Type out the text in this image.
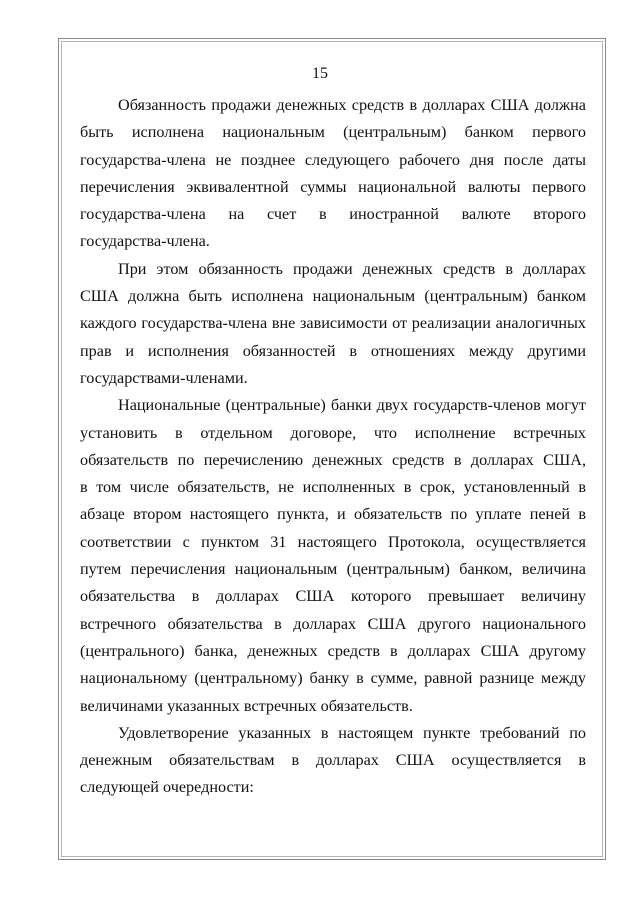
15
Обязанность продажи денежных средств в долларах США должна
быть исполнена национальным (центральным) банком первого
государства-члена не позднее следующего рабочего дня после даты
перечисления эквивалентной суммы национальной валюты первого
государства-члена на счет в иностранной валюте второго
государства-члена.
При этом обязанность продажи денежных средств в долларах
США должна быть исполнена национальным (центральным) банком
каждого государства-члена вне зависимости от реализации аналогичных
прав и исполнения обязанностей в отношениях между другими
государствами-членами.
Национальные (центральные) банки двух государств-членов могут
установить в отдельном договоре, что исполнение встречных
обязательств по перечислению денежных средств в долларах США,
в том числе обязательств, не исполненных в срок, установленный в
абзаце втором настоящего пункта, и обязательств по уплате пеней в
соответствии с пунктом 31 настоящего Протокола, осуществляется
путем перечисления национальным (центральным) банком, величина
обязательства в долларах США которого превышает величину
встречного обязательства в долларах США другого национального
(центрального) банка, денежных средств в долларах США другому
национальному (центральному) банку в сумме, равной разнице между
величинами указанных встречных обязательств.
Удовлетворение указанных в настоящем пункте требований по
денежным обязательствам в долларах США осуществляется в
следующей очередности:
